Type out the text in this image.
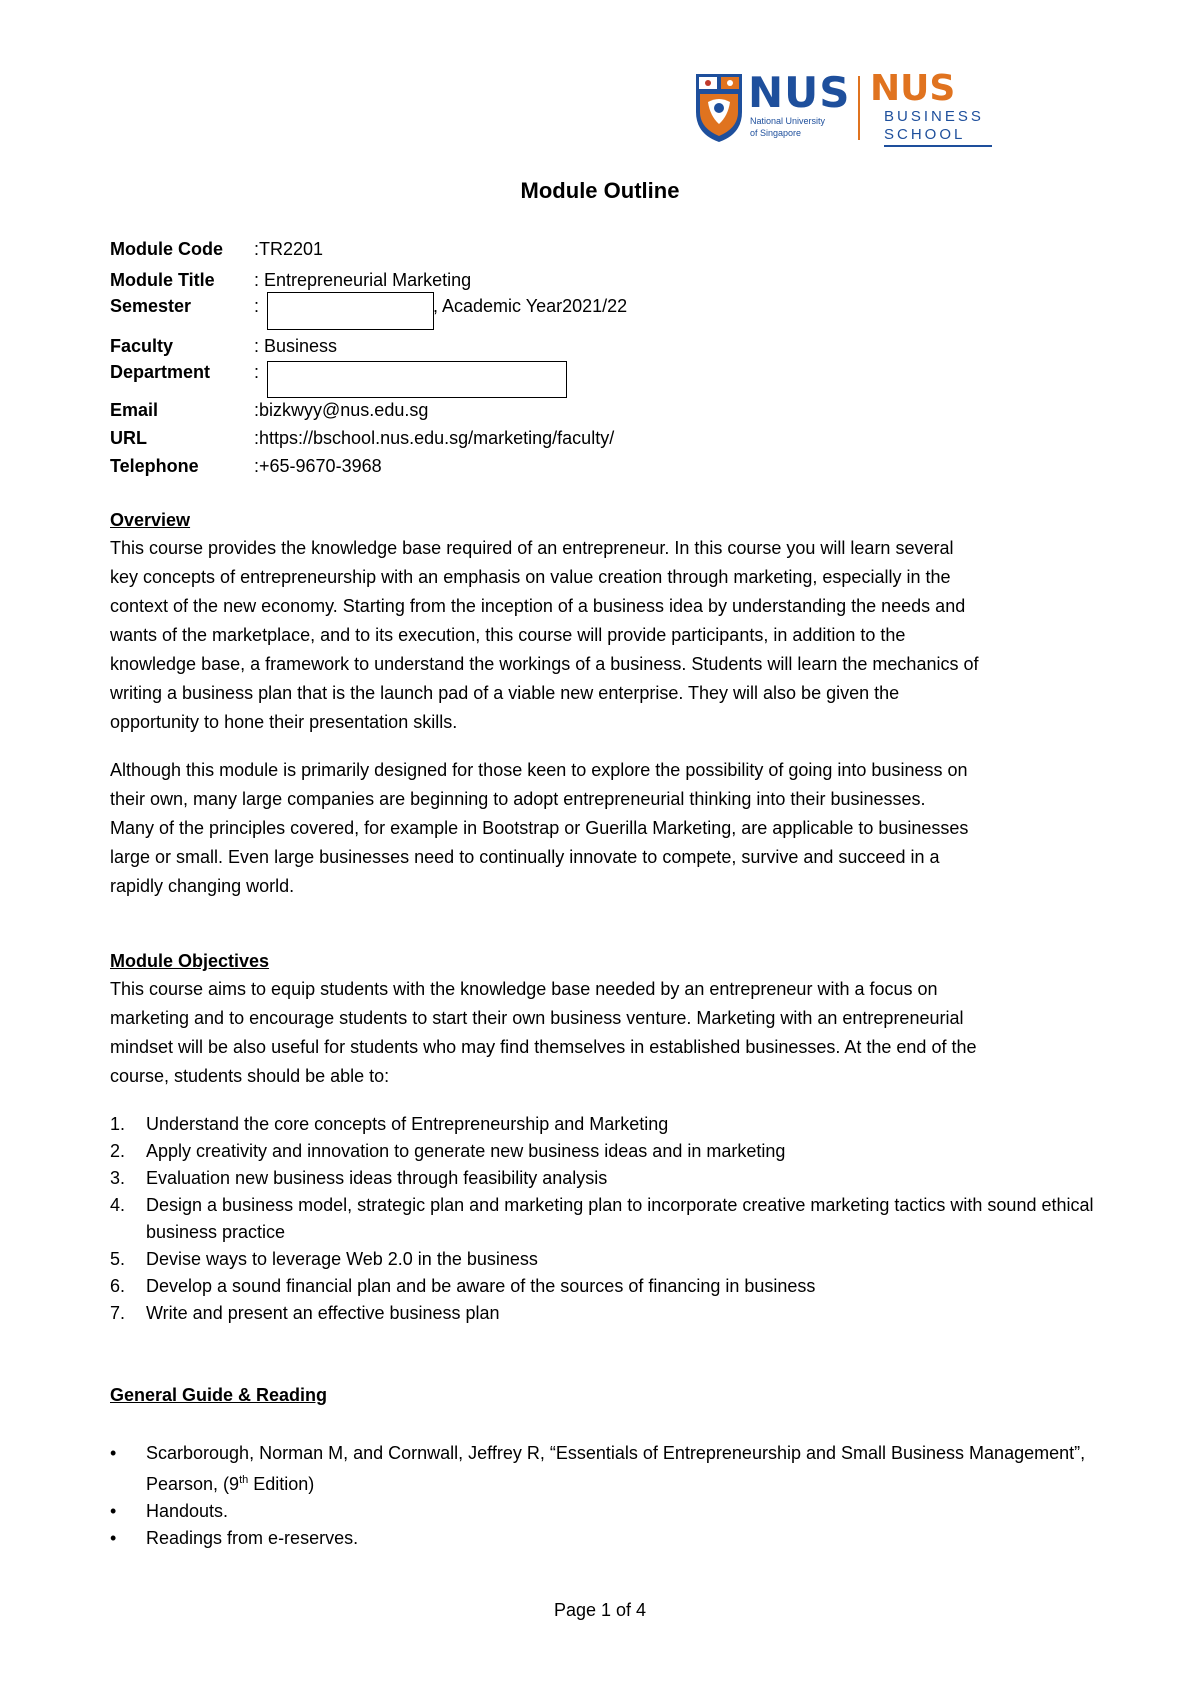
NUS
National University
of Singapore
NUS
BUSINESS
SCHOOL
Module Outline
Module Code :TR2201
Module Title : Entrepreneurial Marketing
Semester	:	, Academic Year2021/22
Faculty	: Business
Department :
Email	:bizkwyy@nus.edu.sg
URL	:https://bschool.nus.edu.sg/marketing/faculty/
Telephone	:+65-9670-3968
Overview
This course provides the knowledge base required of an entrepreneur. In this course you will learn several
key concepts of entrepreneurship with an emphasis on value creation through marketing, especially in the
context of the new economy. Starting from the inception of a business idea by understanding the needs and
wants of the marketplace, and to its execution, this course will provide participants, in addition to the
knowledge base, a framework to understand the workings of a business. Students will learn the mechanics of
writing a business plan that is the launch pad of a viable new enterprise. They will also be given the
opportunity to hone their presentation skills.
Although this module is primarily designed for those keen to explore the possibility of going into business on
their own, many large companies are beginning to adopt entrepreneurial thinking into their businesses.
Many of the principles covered, for example in Bootstrap or Guerilla Marketing, are applicable to businesses
large or small. Even large businesses need to continually innovate to compete, survive and succeed in a
rapidly changing world.
Module Objectives
This course aims to equip students with the knowledge base needed by an entrepreneur with a focus on
marketing and to encourage students to start their own business venture. Marketing with an entrepreneurial
mindset will be also useful for students who may find themselves in established businesses. At the end of the
course, students should be able to:
1. Understand the core concepts of Entrepreneurship and Marketing
2. Apply creativity and innovation to generate new business ideas and in marketing
3. Evaluation new business ideas through feasibility analysis
4. Design a business model, strategic plan and marketing plan to incorporate creative marketing tactics with sound ethical business practice
5. Devise ways to leverage Web 2.0 in the business
6. Develop a sound financial plan and be aware of the sources of financing in business
7. Write and present an effective business plan
General Guide & Reading
• Scarborough, Norman M, and Cornwall, Jeffrey R, “Essentials of Entrepreneurship and Small Business Management”, Pearson, (9th Edition)
• Handouts.
• Readings from e-reserves.
Page 1 of 4
